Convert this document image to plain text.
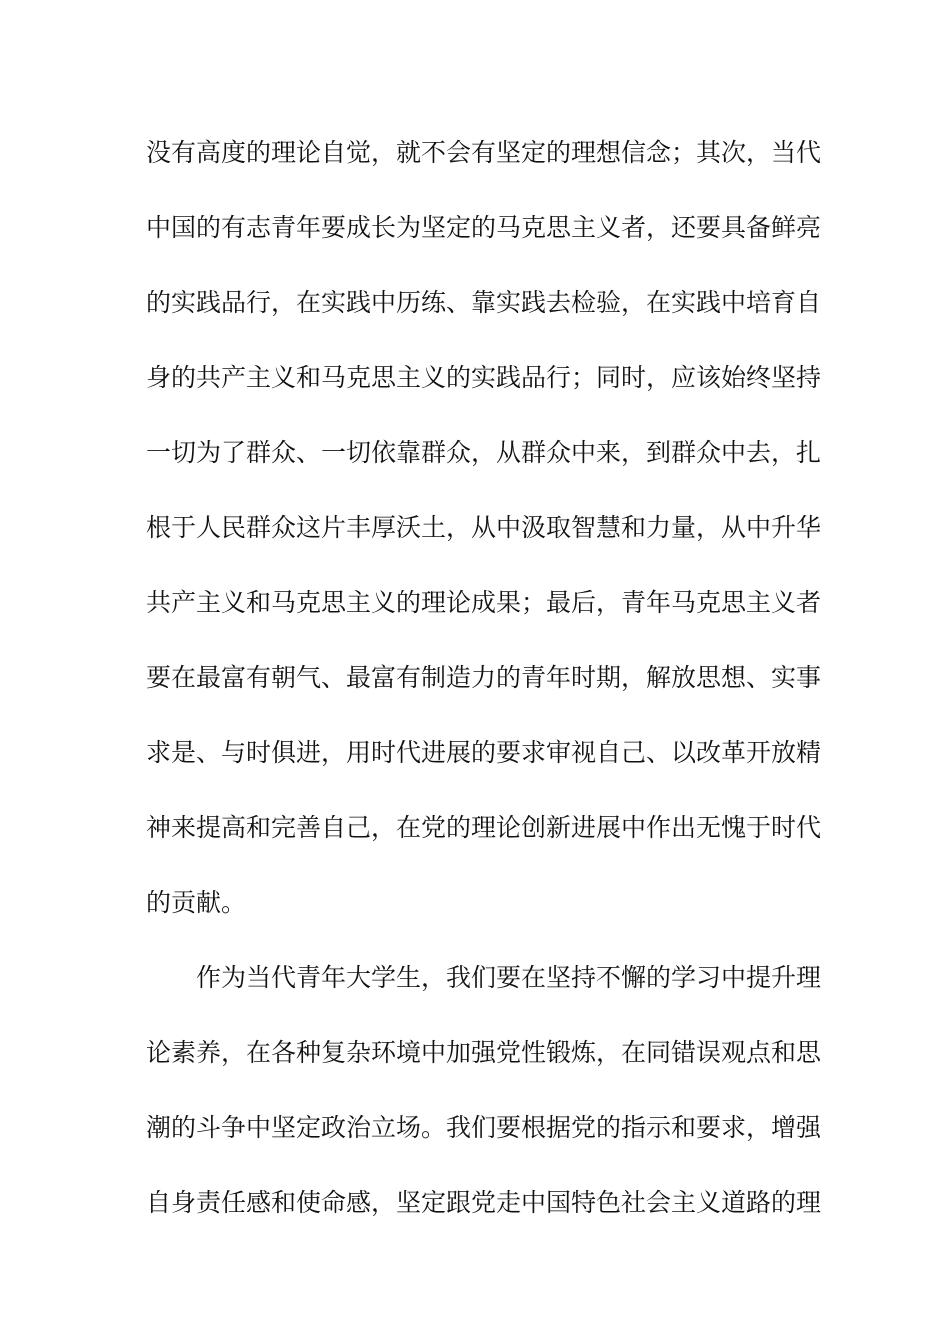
没有高度的理论自觉，就不会有坚定的理想信念；其次，当代
中国的有志青年要成长为坚定的马克思主义者，还要具备鲜亮
的实践品行，在实践中历练、靠实践去检验，在实践中培育自
身的共产主义和马克思主义的实践品行；同时，应该始终坚持
一切为了群众、一切依靠群众，从群众中来，到群众中去，扎
根于人民群众这片丰厚沃土，从中汲取智慧和力量，从中升华
共产主义和马克思主义的理论成果；最后，青年马克思主义者
要在最富有朝气、最富有制造力的青年时期，解放思想、实事
求是、与时俱进，用时代进展的要求审视自己、以改革开放精
神来提高和完善自己，在党的理论创新进展中作出无愧于时代
的贡献。
作为当代青年大学生，我们要在坚持不懈的学习中提升理
论素养，在各种复杂环境中加强党性锻炼，在同错误观点和思
潮的斗争中坚定政治立场。我们要根据党的指示和要求，增强
自身责任感和使命感，坚定跟党走中国特色社会主义道路的理
